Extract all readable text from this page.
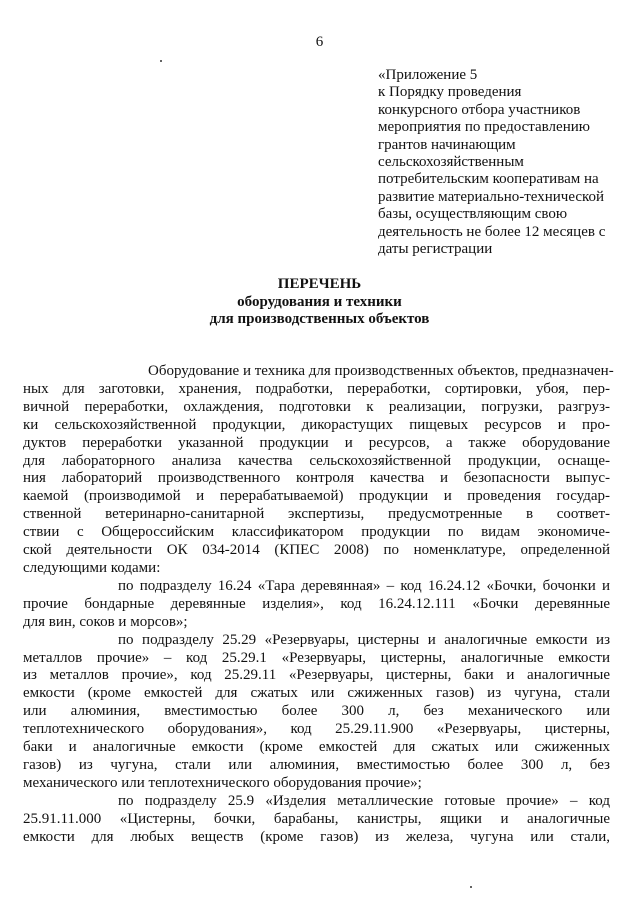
6
«Приложение 5
к Порядку проведения
конкурсного отбора участников
мероприятия по предоставлению
грантов начинающим
сельскохозяйственным
потребительским кооперативам на
развитие материально-технической
базы, осуществляющим свою
деятельность не более 12 месяцев с
даты регистрации
ПЕРЕЧЕНЬ
оборудования и техники
для производственных объектов
Оборудование и техника для производственных объектов, предназначен-
ных для заготовки, хранения, подработки, переработки, сортировки, убоя, пер-
вичной переработки, охлаждения, подготовки к реализации, погрузки, разгруз-
ки сельскохозяйственной продукции, дикорастущих пищевых ресурсов и про-
дуктов переработки указанной продукции и ресурсов, а также оборудование
для лабораторного анализа качества сельскохозяйственной продукции, оснаще-
ния лабораторий производственного контроля качества и безопасности выпус-
каемой (производимой и перерабатываемой) продукции и проведения государ-
ственной ветеринарно-санитарной экспертизы, предусмотренные в соответ-
ствии с Общероссийским классификатором продукции по видам экономиче-
ской деятельности ОК 034-2014 (КПЕС 2008) по номенклатуре, определенной
следующими кодами:
по подразделу 16.24 «Тара деревянная» – код 16.24.12 «Бочки, бочонки и
прочие бондарные деревянные изделия», код 16.24.12.111 «Бочки деревянные
для вин, соков и морсов»;
по подразделу 25.29 «Резервуары, цистерны и аналогичные емкости из
металлов прочие» – код 25.29.1 «Резервуары, цистерны, аналогичные емкости
из металлов прочие», код 25.29.11 «Резервуары, цистерны, баки и аналогичные
емкости (кроме емкостей для сжатых или сжиженных газов) из чугуна, стали
или алюминия, вместимостью более 300 л, без механического или
теплотехнического оборудования», код 25.29.11.900 «Резервуары, цистерны,
баки и аналогичные емкости (кроме емкостей для сжатых или сжиженных
газов) из чугуна, стали или алюминия, вместимостью более 300 л, без
механического или теплотехнического оборудования прочие»;
по подразделу 25.9 «Изделия металлические готовые прочие» – код
25.91.11.000 «Цистерны, бочки, барабаны, канистры, ящики и аналогичные
емкости для любых веществ (кроме газов) из железа, чугуна или стали,
